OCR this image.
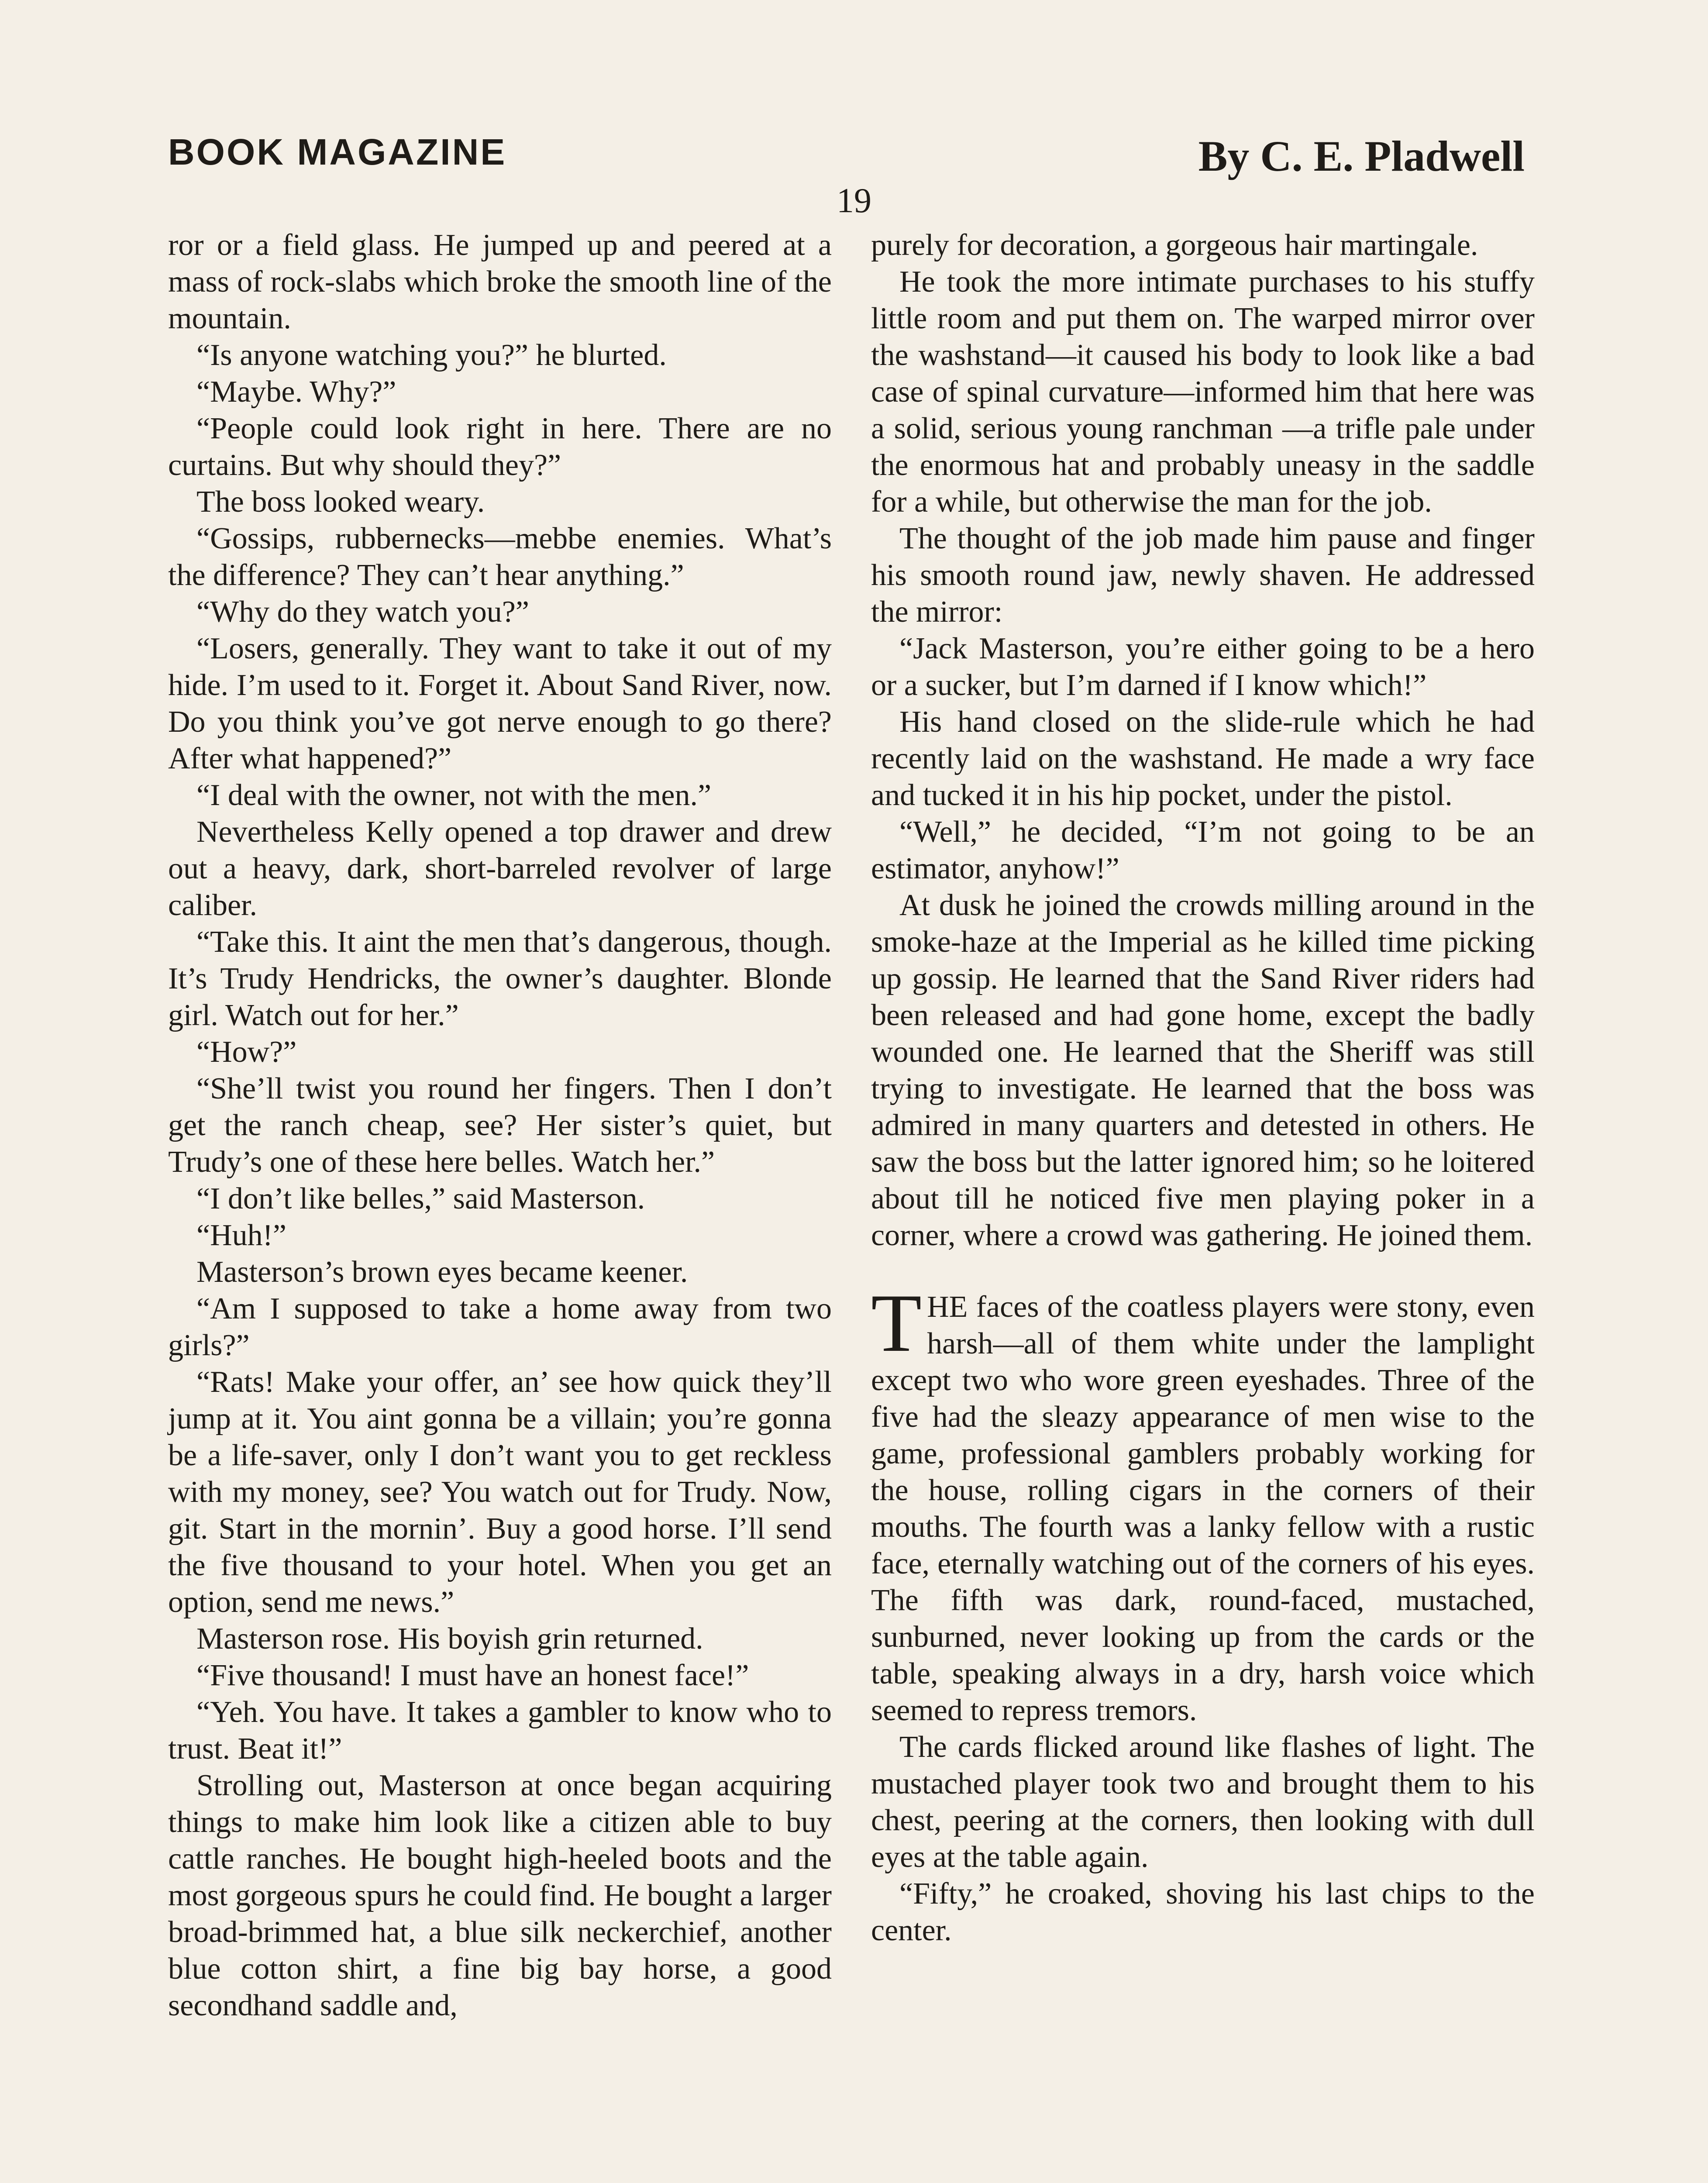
BOOK MAGAZINE	By C. E. Pladwell
19

ror or a field glass. He jumped up and peered at a mass of rock-slabs which broke the smooth line of the mountain.

“Is anyone watching you?” he blurted.

“Maybe. Why?”

“People could look right in here. There are no curtains. But why should they?”

The boss looked weary.

“Gossips, rubbernecks—mebbe enemies. What’s the difference? They can’t hear anything.”

“Why do they watch you?”

“Losers, generally. They want to take it out of my hide. I’m used to it. Forget it. About Sand River, now. Do you think you’ve got nerve enough to go there? After what happened?”

“I deal with the owner, not with the men.”

Nevertheless Kelly opened a top drawer and drew out a heavy, dark, short-barreled revolver of large caliber.

“Take this. It aint the men that’s dangerous, though. It’s Trudy Hendricks, the owner’s daughter. Blonde girl. Watch out for her.”

“How?”

“She’ll twist you round her fingers. Then I don’t get the ranch cheap, see? Her sister’s quiet, but Trudy’s one of these here belles. Watch her.”

“I don’t like belles,” said Masterson.

“Huh!”

Masterson’s brown eyes became keener.

“Am I supposed to take a home away from two girls?”

“Rats! Make your offer, an’ see how quick they’ll jump at it. You aint gonna be a villain; you’re gonna be a life-saver, only I don’t want you to get reckless with my money, see? You watch out for Trudy. Now, git. Start in the mornin’. Buy a good horse. I’ll send the five thousand to your hotel. When you get an option, send me news.”

Masterson rose. His boyish grin returned.

“Five thousand! I must have an honest face!”

“Yeh. You have. It takes a gambler to know who to trust. Beat it!”

Strolling out, Masterson at once began acquiring things to make him look like a citizen able to buy cattle ranches. He bought high-heeled boots and the most gorgeous spurs he could find. He bought a larger broad-brimmed hat, a blue silk neckerchief, another blue cotton shirt, a fine big bay horse, a good secondhand saddle and,

purely for decoration, a gorgeous hair martingale.

He took the more intimate purchases to his stuffy little room and put them on. The warped mirror over the washstand—it caused his body to look like a bad case of spinal curvature—informed him that here was a solid, serious young ranchman —a trifle pale under the enormous hat and probably uneasy in the saddle for a while, but otherwise the man for the job.

The thought of the job made him pause and finger his smooth round jaw, newly shaven. He addressed the mirror:

“Jack Masterson, you’re either going to be a hero or a sucker, but I’m darned if I know which!”

His hand closed on the slide-rule which he had recently laid on the washstand. He made a wry face and tucked it in his hip pocket, under the pistol.

“Well,” he decided, “I’m not going to be an estimator, anyhow!”

At dusk he joined the crowds milling around in the smoke-haze at the Imperial as he killed time picking up gossip. He learned that the Sand River riders had been released and had gone home, except the badly wounded one. He learned that the Sheriff was still trying to investigate. He learned that the boss was admired in many quarters and detested in others. He saw the boss but the latter ignored him; so he loitered about till he noticed five men playing poker in a corner, where a crowd was gathering. He joined them.

THE faces of the coatless players were stony, even harsh—all of them white under the lamplight except two who wore green eyeshades. Three of the five had the sleazy appearance of men wise to the game, professional gamblers probably working for the house, rolling cigars in the corners of their mouths. The fourth was a lanky fellow with a rustic face, eternally watching out of the corners of his eyes. The fifth was dark, round-faced, mustached, sunburned, never looking up from the cards or the table, speaking always in a dry, harsh voice which seemed to repress tremors.

The cards flicked around like flashes of light. The mustached player took two and brought them to his chest, peering at the corners, then looking with dull eyes at the table again.

“Fifty,” he croaked, shoving his last chips to the center.
